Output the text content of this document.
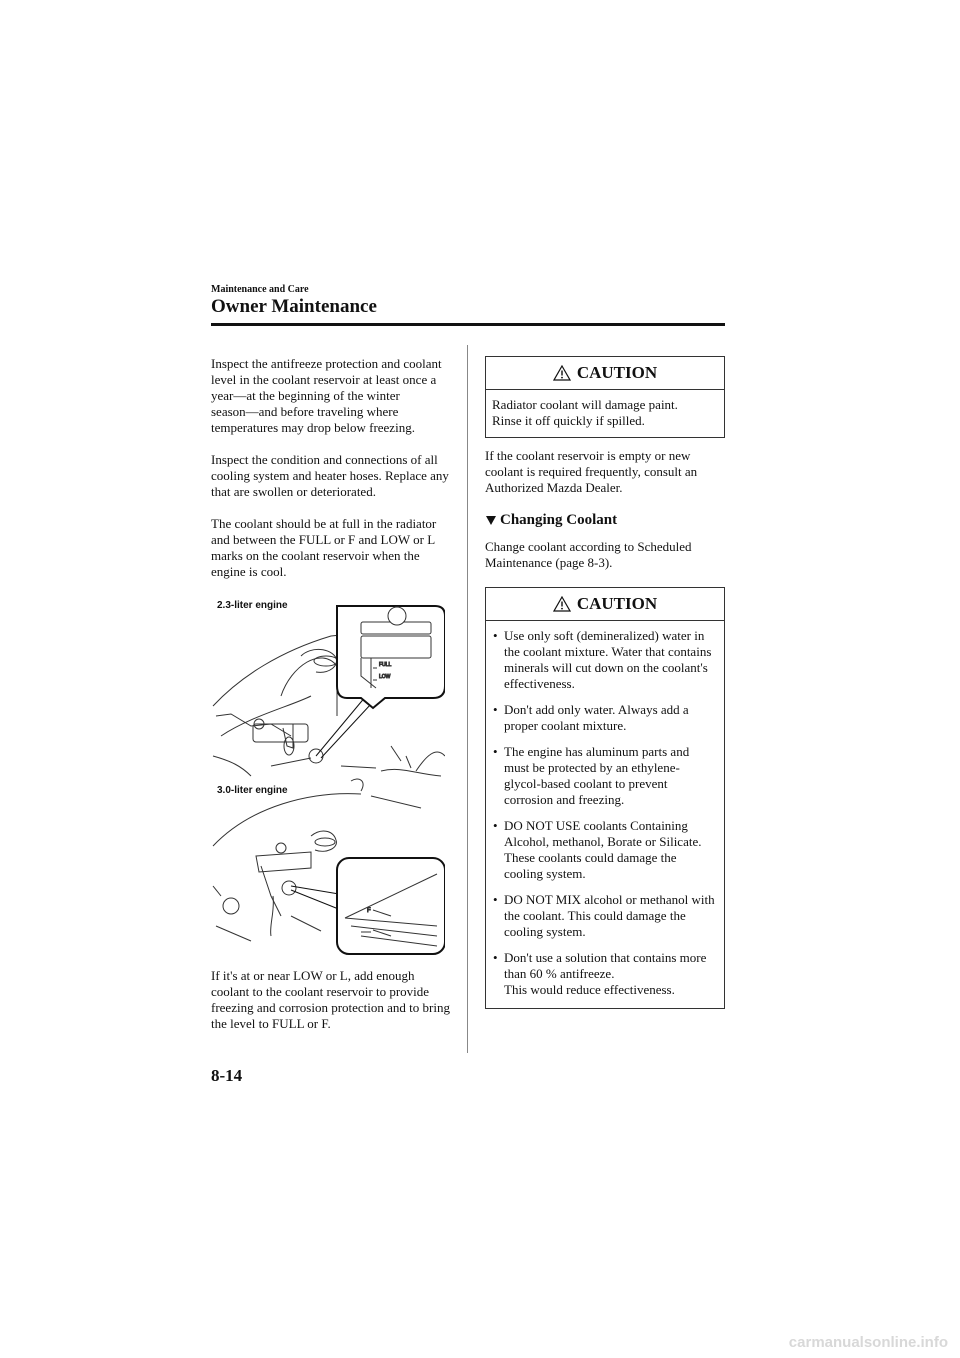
Maintenance and Care
Owner Maintenance

Inspect the antifreeze protection and coolant level in the coolant reservoir at least once a year―at the beginning of the winter season―and before traveling where temperatures may drop below freezing.

Inspect the condition and connections of all cooling system and heater hoses. Replace any that are swollen or deteriorated.

The coolant should be at full in the radiator and between the FULL or F and LOW or L marks on the coolant reservoir when the engine is cool.

2.3-liter engine
3.0-liter engine
FULL
LOW
F

If it's at or near LOW or L, add enough coolant to the coolant reservoir to provide freezing and corrosion protection and to bring the level to FULL or F.

CAUTION
Radiator coolant will damage paint.
Rinse it off quickly if spilled.

If the coolant reservoir is empty or new coolant is required frequently, consult an Authorized Mazda Dealer.

Changing Coolant

Change coolant according to Scheduled Maintenance (page 8-3).

CAUTION
• Use only soft (demineralized) water in the coolant mixture. Water that contains minerals will cut down on the coolant's effectiveness.
• Don't add only water. Always add a proper coolant mixture.
• The engine has aluminum parts and must be protected by an ethylene-glycol-based coolant to prevent corrosion and freezing.
• DO NOT USE coolants Containing Alcohol, methanol, Borate or Silicate.
These coolants could damage the cooling system.
• DO NOT MIX alcohol or methanol with the coolant. This could damage the cooling system.
• Don't use a solution that contains more than 60 % antifreeze.
This would reduce effectiveness.
8-14
carmanualsonline.info
